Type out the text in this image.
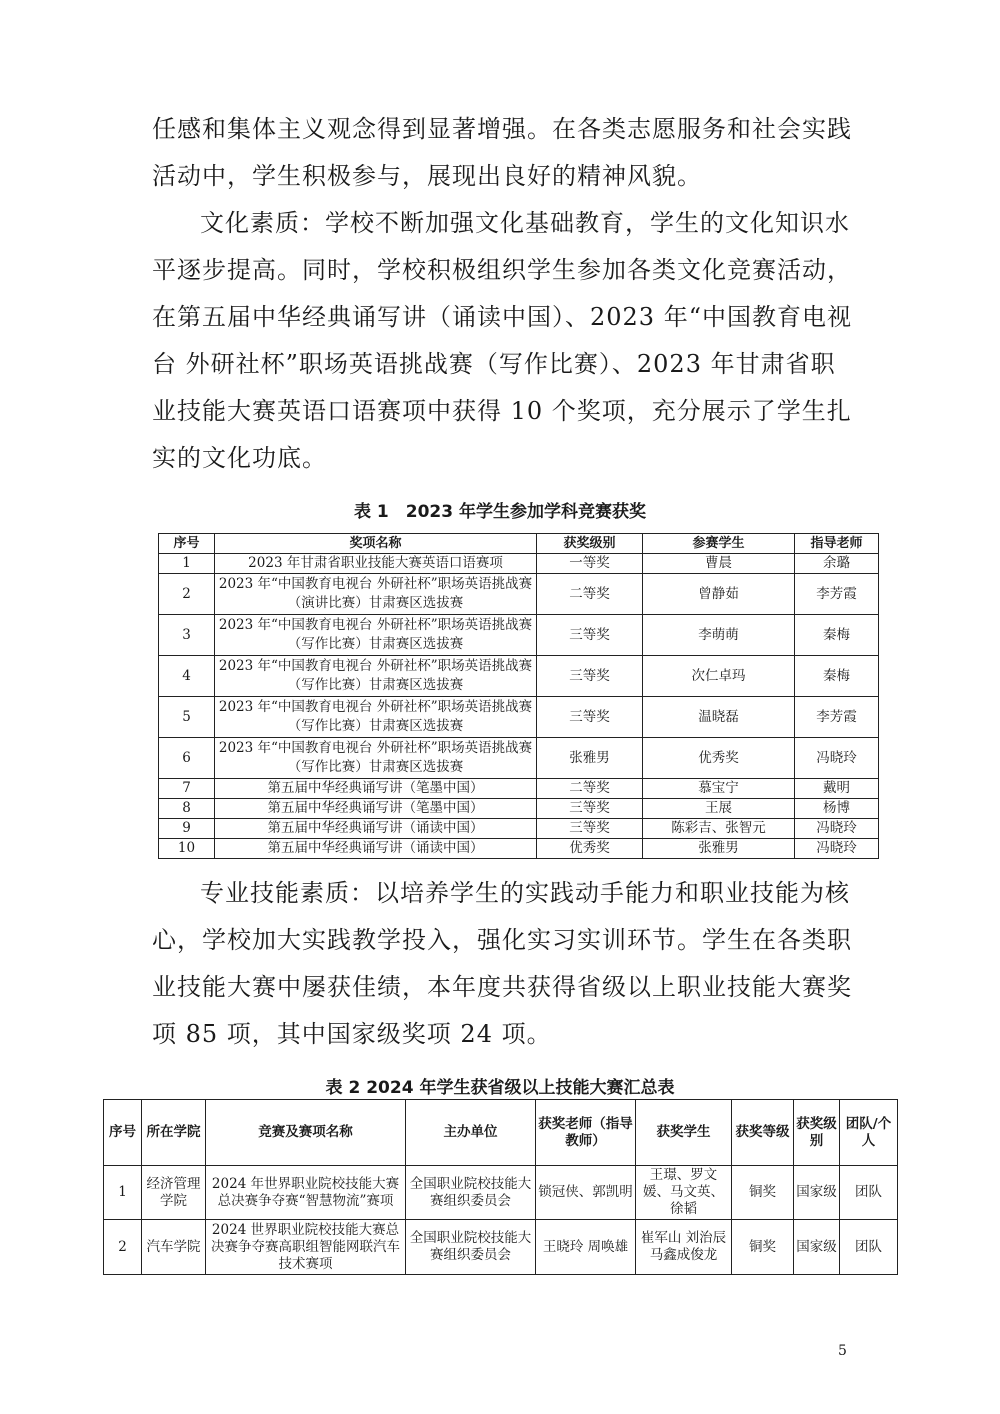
任感和集体主义观念得到显著增强。在各类志愿服务和社会实践
活动中，学生积极参与，展现出良好的精神风貌。

文化素质：学校不断加强文化基础教育，学生的文化知识水
平逐步提高。同时，学校积极组织学生参加各类文化竞赛活动，
在第五届中华经典诵写讲（诵读中国）、2023 年“中国教育电视
台 外研社杯”职场英语挑战赛（写作比赛）、2023 年甘肃省职
业技能大赛英语口语赛项中获得 10 个奖项，充分展示了学生扎
实的文化功底。

表 1　2023 年学生参加学科竞赛获奖

序号	奖项名称	获奖级别	参赛学生	指导老师
1	2023 年甘肃省职业技能大赛英语口语赛项	一等奖	曹晨	余璐
2	2023 年“中国教育电视台 外研社杯”职场英语挑战赛（演讲比赛）甘肃赛区选拔赛	二等奖	曾静茹	李芳霞
3	2023 年“中国教育电视台 外研社杯”职场英语挑战赛（写作比赛）甘肃赛区选拔赛	三等奖	李萌萌	秦梅
4	2023 年“中国教育电视台 外研社杯”职场英语挑战赛（写作比赛）甘肃赛区选拔赛	三等奖	次仁卓玛	秦梅
5	2023 年“中国教育电视台 外研社杯”职场英语挑战赛（写作比赛）甘肃赛区选拔赛	三等奖	温晓磊	李芳霞
6	2023 年“中国教育电视台 外研社杯”职场英语挑战赛（写作比赛）甘肃赛区选拔赛	张雅男	优秀奖	冯晓玲
7	第五届中华经典诵写讲（笔墨中国）	二等奖	慕宝宁	戴明
8	第五届中华经典诵写讲（笔墨中国）	三等奖	王展	杨博
9	第五届中华经典诵写讲（诵读中国）	三等奖	陈彩吉、张智元	冯晓玲
10	第五届中华经典诵写讲（诵读中国）	优秀奖	张雅男	冯晓玲

专业技能素质：以培养学生的实践动手能力和职业技能为核
心，学校加大实践教学投入，强化实习实训环节。学生在各类职
业技能大赛中屡获佳绩，本年度共获得省级以上职业技能大赛奖
项 85 项，其中国家级奖项 24 项。

表 2 2024 年学生获省级以上技能大赛汇总表

序号	所在学院	竞赛及赛项名称	主办单位	获奖老师（指导教师）	获奖学生	获奖等级	获奖级别	团队/个人
1	经济管理学院	2024 年世界职业院校技能大赛总决赛争夺赛“智慧物流”赛项	全国职业院校技能大赛组织委员会	锁冠侠、郭凯明	王璟、罗文媛、马文英、徐韬	铜奖	国家级	团队
2	汽车学院	2024 世界职业院校技能大赛总决赛争夺赛高职组智能网联汽车技术赛项	全国职业院校技能大赛组织委员会	王晓玲 周唤雄	崔军山 刘治辰 马鑫成俊龙	铜奖	国家级	团队
5
